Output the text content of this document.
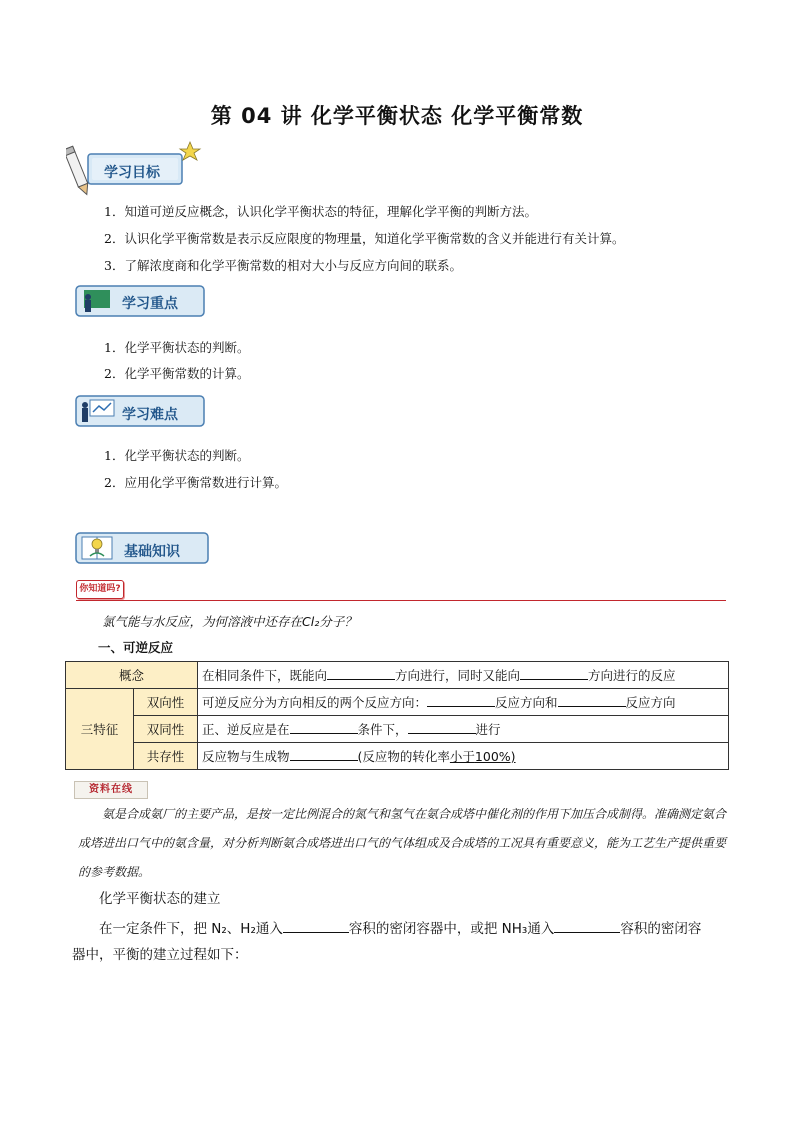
第 04 讲 化学平衡状态 化学平衡常数
学习目标
1．知道可逆反应概念，认识化学平衡状态的特征，理解化学平衡的判断方法。
2．认识化学平衡常数是表示反应限度的物理量，知道化学平衡常数的含义并能进行有关计算。
3．了解浓度商和化学平衡常数的相对大小与反应方向间的联系。
学习重点
1．化学平衡状态的判断。
2．化学平衡常数的计算。
学习难点
1．化学平衡状态的判断。
2．应用化学平衡常数进行计算。
基础知识
你知道吗?
氯气能与水反应，为何溶液中还存在Cl₂分子？
一、可逆反应
概念		在相同条件下，既能向 方向进行，同时又能向 方向进行的反应
三特征	双向性	可逆反应分为方向相反的两个反应方向： 反应方向和 反应方向
	双同性	正、逆反应是在 条件下， 进行
	共存性	反应物与生成物 (反应物的转化率小于100%)
资料在线
氨是合成氨厂的主要产品，是按一定比例混合的氮气和氢气在氨合成塔中催化剂的作用下加压合成制得。准确测定氨合成塔进出口气中的氨含量，对分析判断氨合成塔进出口气的气体组成及合成塔的工况具有重要意义，能为工艺生产提供重要的参考数据。
化学平衡状态的建立
在一定条件下，把 N₂、H₂通入	容积的密闭容器中，或把 NH₃通入	容积的密闭容
器中，平衡的建立过程如下：
